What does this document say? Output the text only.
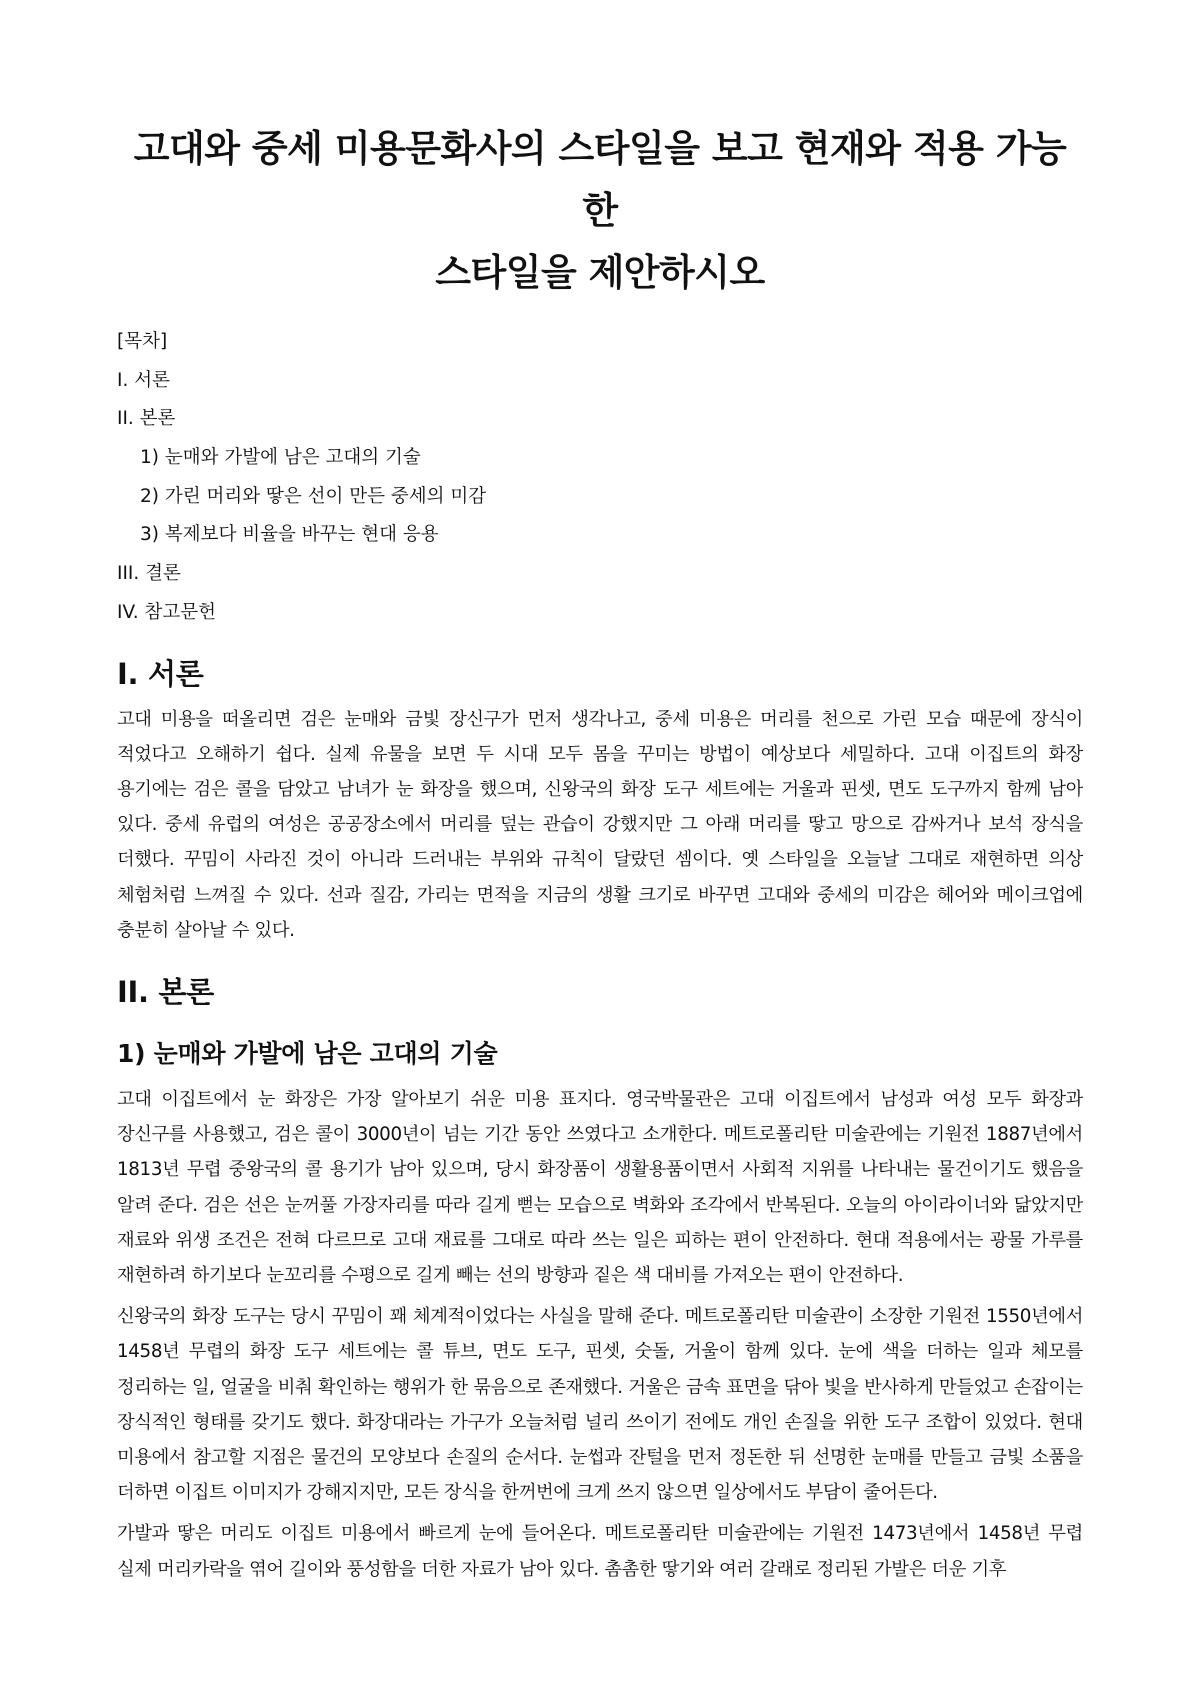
고대와 중세 미용문화사의 스타일을 보고 현재와 적용 가능한
스타일을 제안하시오
[목차]
I. 서론
II. 본론
1) 눈매와 가발에 남은 고대의 기술
2) 가린 머리와 땋은 선이 만든 중세의 미감
3) 복제보다 비율을 바꾸는 현대 응용
III. 결론
IV. 참고문헌
I. 서론

고대 미용을 떠올리면 검은 눈매와 금빛 장신구가 먼저 생각나고, 중세 미용은 머리를 천으로 가린 모습 때문에 장식이 적었다고 오해하기 쉽다. 실제 유물을 보면 두 시대 모두 몸을 꾸미는 방법이 예상보다 세밀하다. 고대 이집트의 화장 용기에는 검은 콜을 담았고 남녀가 눈 화장을 했으며, 신왕국의 화장 도구 세트에는 거울과 핀셋, 면도 도구까지 함께 남아 있다. 중세 유럽의 여성은 공공장소에서 머리를 덮는 관습이 강했지만 그 아래 머리를 땋고 망으로 감싸거나 보석 장식을 더했다. 꾸밈이 사라진 것이 아니라 드러내는 부위와 규칙이 달랐던 셈이다. 옛 스타일을 오늘날 그대로 재현하면 의상 체험처럼 느껴질 수 있다. 선과 질감, 가리는 면적을 지금의 생활 크기로 바꾸면 고대와 중세의 미감은 헤어와 메이크업에 충분히 살아날 수 있다.

II. 본론
1) 눈매와 가발에 남은 고대의 기술

고대 이집트에서 눈 화장은 가장 알아보기 쉬운 미용 표지다. 영국박물관은 고대 이집트에서 남성과 여성 모두 화장과 장신구를 사용했고, 검은 콜이 3000년이 넘는 기간 동안 쓰였다고 소개한다. 메트로폴리탄 미술관에는 기원전 1887년에서 1813년 무렵 중왕국의 콜 용기가 남아 있으며, 당시 화장품이 생활용품이면서 사회적 지위를 나타내는 물건이기도 했음을 알려 준다. 검은 선은 눈꺼풀 가장자리를 따라 길게 뻗는 모습으로 벽화와 조각에서 반복된다. 오늘의 아이라이너와 닮았지만 재료와 위생 조건은 전혀 다르므로 고대 재료를 그대로 따라 쓰는 일은 피하는 편이 안전하다. 현대 적용에서는 광물 가루를 재현하려 하기보다 눈꼬리를 수평으로 길게 빼는 선의 방향과 짙은 색 대비를 가져오는 편이 안전하다.

신왕국의 화장 도구는 당시 꾸밈이 꽤 체계적이었다는 사실을 말해 준다. 메트로폴리탄 미술관이 소장한 기원전 1550년에서 1458년 무렵의 화장 도구 세트에는 콜 튜브, 면도 도구, 핀셋, 숫돌, 거울이 함께 있다. 눈에 색을 더하는 일과 체모를 정리하는 일, 얼굴을 비춰 확인하는 행위가 한 묶음으로 존재했다. 거울은 금속 표면을 닦아 빛을 반사하게 만들었고 손잡이는 장식적인 형태를 갖기도 했다. 화장대라는 가구가 오늘처럼 널리 쓰이기 전에도 개인 손질을 위한 도구 조합이 있었다. 현대 미용에서 참고할 지점은 물건의 모양보다 손질의 순서다. 눈썹과 잔털을 먼저 정돈한 뒤 선명한 눈매를 만들고 금빛 소품을 더하면 이집트 이미지가 강해지지만, 모든 장식을 한꺼번에 크게 쓰지 않으면 일상에서도 부담이 줄어든다.

가발과 땋은 머리도 이집트 미용에서 빠르게 눈에 들어온다. 메트로폴리탄 미술관에는 기원전 1473년에서 1458년 무렵 실제 머리카락을 엮어 길이와 풍성함을 더한 자료가 남아 있다. 촘촘한 땋기와 여러 갈래로 정리된 가발은 더운 기후
